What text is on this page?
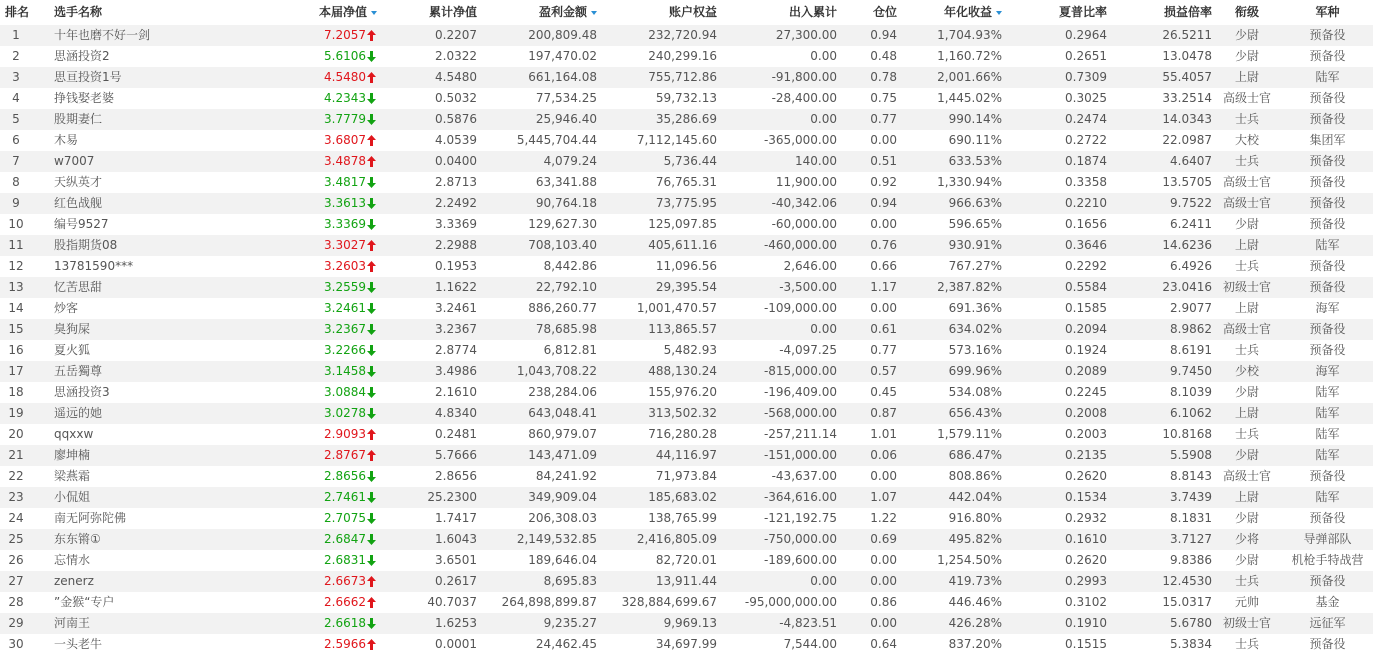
排名	选手名称	本届净值	累计净值	盈利金额	账户权益	出入累计	仓位	年化收益	夏普比率	损益倍率	衔级	军种
1	十年也磨不好一剑	7.2057	0.2207	200,809.48	232,720.94	27,300.00	0.94	1,704.93%	0.2964	26.5211	少尉	预备役
2	思涵投资2	5.6106	2.0322	197,470.02	240,299.16	0.00	0.48	1,160.72%	0.2651	13.0478	少尉	预备役
3	思亘投资1号	4.5480	4.5480	661,164.08	755,712.86	-91,800.00	0.78	2,001.66%	0.7309	55.4057	上尉	陆军
4	挣钱娶老婆	4.2343	0.5032	77,534.25	59,732.13	-28,400.00	0.75	1,445.02%	0.3025	33.2514 高级士官	预备役
5	股期妻仁	3.7779	0.5876	25,946.40	35,286.69	0.00	0.77	990.14%	0.2474	14.0343	士兵	预备役
6	木易	3.6807	4.0539	5,445,704.44	7,112,145.60	-365,000.00	0.00	690.11%	0.2722	22.0987	大校	集团军
7	w7007	3.4878	0.0400	4,079.24	5,736.44	140.00	0.51	633.53%	0.1874	4.6407	士兵	预备役
8	天纵英才	3.4817	2.8713	63,341.88	76,765.31	11,900.00	0.92	1,330.94%	0.3358	13.5705 高级士官	预备役
9	红色战舰	3.3613	2.2492	90,764.18	73,775.95	-40,342.06	0.94	966.63%	0.2210	9.7522 高级士官	预备役
10	编号9527	3.3369	3.3369	129,627.30	125,097.85	-60,000.00	0.00	596.65%	0.1656	6.2411	少尉	预备役
11	股指期货08	3.3027	2.2988	708,103.40	405,611.16	-460,000.00	0.76	930.91%	0.3646	14.6236	上尉	陆军
12	13781590***	3.2603	0.1953	8,442.86	11,096.56	2,646.00	0.66	767.27%	0.2292	6.4926	士兵	预备役
13	忆苦思甜	3.2559	1.1622	22,792.10	29,395.54	-3,500.00	1.17	2,387.82%	0.5584	23.0416 初级士官	预备役
14	炒客	3.2461	3.2461	886,260.77	1,001,470.57	-109,000.00	0.00	691.36%	0.1585	2.9077	上尉	海军
15	臭狗屎	3.2367	3.2367	78,685.98	113,865.57	0.00	0.61	634.02%	0.2094	8.9862 高级士官	预备役
16	夏火狐	3.2266	2.8774	6,812.81	5,482.93	-4,097.25	0.77	573.16%	0.1924	8.6191	士兵	预备役
17	五岳獨尊	3.1458	3.4986	1,043,708.22	488,130.24	-815,000.00	0.57	699.96%	0.2089	9.7450	少校	海军
18	思涵投资3	3.0884	2.1610	238,284.06	155,976.20	-196,409.00	0.45	534.08%	0.2245	8.1039	少尉	陆军
19	遥远的她	3.0278	4.8340	643,048.41	313,502.32	-568,000.00	0.87	656.43%	0.2008	6.1062	上尉	陆军
20	qqxxw	2.9093	0.2481	860,979.07	716,280.28	-257,211.14	1.01	1,579.11%	0.2003	10.8168	士兵	陆军
21	廖坤楠	2.8767	5.7666	143,471.09	44,116.97	-151,000.00	0.06	686.47%	0.2135	5.5908	少尉	陆军
22	梁燕霜	2.8656	2.8656	84,241.92	71,973.84	-43,637.00	0.00	808.86%	0.2620	8.8143 高级士官	预备役
23	小侃姐	2.7461	25.2300	349,909.04	185,683.02	-364,616.00	1.07	442.04%	0.1534	3.7439	上尉	陆军
24	南无阿弥陀佛	2.7075	1.7417	206,308.03	138,765.99	-121,192.75	1.22	916.80%	0.2932	8.1831	少尉	预备役
25	东东锵①	2.6847	1.6043	2,149,532.85	2,416,805.09	-750,000.00	0.69	495.82%	0.1610	3.7127	少将	导弹部队
26	忘情水	2.6831	3.6501	189,646.04	82,720.01	-189,600.00	0.00	1,254.50%	0.2620	9.8386	少尉	机枪手特战营
27	zenerz	2.6673	0.2617	8,695.83	13,911.44	0.00	0.00	419.73%	0.2993	12.4530	士兵	预备役
28	”金猴“专户	2.6662	40.7037	264,898,899.87	328,884,699.67	-95,000,000.00	0.86	446.46%	0.3102	15.0317	元帅	基金
29	河南王	2.6618	1.6253	9,235.27	9,969.13	-4,823.51	0.00	426.28%	0.1910	5.6780 初级士官	远征军
30	一头老牛	2.5966	0.0001	24,462.45	34,697.99	7,544.00	0.64	837.20%	0.1515	5.3834	士兵	预备役
